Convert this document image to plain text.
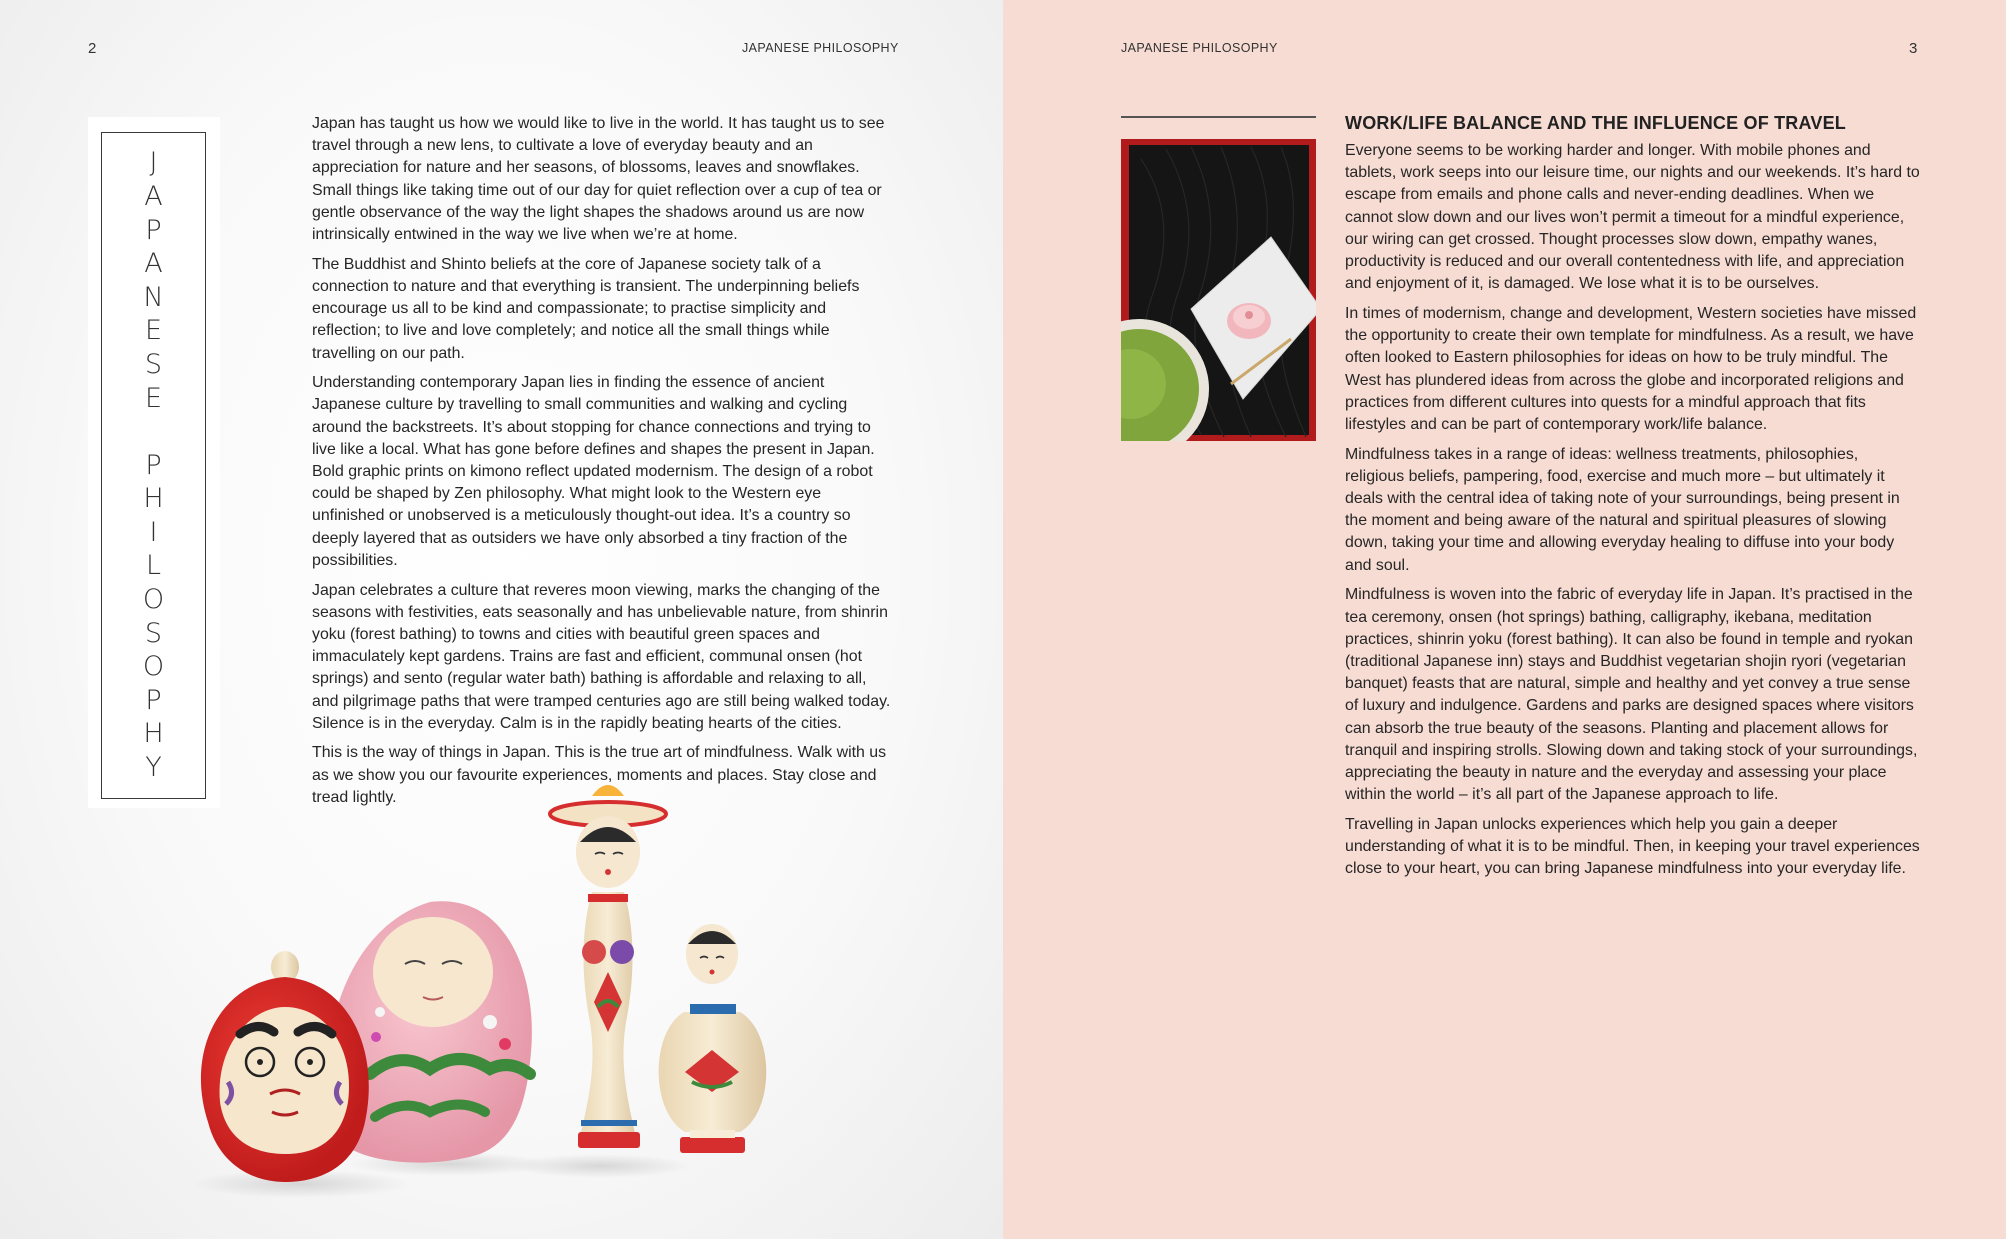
2	JAPANESE PHILOSOPHY
J
A
P
A
N
E
S
E

P
H
I
L
O
S
O
P
H
Y

Japan has taught us how we would like to live in the world. It has taught us to see travel through a new lens, to cultivate a love of everyday beauty and an appreciation for nature and her seasons, of blossoms, leaves and snowflakes. Small things like taking time out of our day for quiet reflection over a cup of tea or gentle observance of the way the light shapes the shadows around us are now intrinsically entwined in the way we live when we’re at home.

The Buddhist and Shinto beliefs at the core of Japanese society talk of a connection to nature and that everything is transient. The underpinning beliefs encourage us all to be kind and compassionate; to practise simplicity and reflection; to live and love completely; and notice all the small things while travelling on our path.

Understanding contemporary Japan lies in finding the essence of ancient Japanese culture by travelling to small communities and walking and cycling around the backstreets. It’s about stopping for chance connections and trying to live like a local. What has gone before defines and shapes the present in Japan. Bold graphic prints on kimono reflect updated modernism. The design of a robot could be shaped by Zen philosophy. What might look to the Western eye unfinished or unobserved is a meticulously thought-out idea. It’s a country so deeply layered that as outsiders we have only absorbed a tiny fraction of the possibilities.

Japan celebrates a culture that reveres moon viewing, marks the changing of the seasons with festivities, eats seasonally and has unbelievable nature, from shinrin yoku (forest bathing) to towns and cities with beautiful green spaces and immaculately kept gardens. Trains are fast and efficient, communal onsen (hot springs) and sento (regular water bath) bathing is affordable and relaxing to all, and pilgrimage paths that were tramped centuries ago are still being walked today. Silence is in the everyday. Calm is in the rapidly beating hearts of the cities.

This is the way of things in Japan. This is the true art of mindfulness. Walk with us as we show you our favourite experiences, moments and places. Stay close and tread lightly.

JAPANESE PHILOSOPHY	3
WORK/LIFE BALANCE AND THE INFLUENCE OF TRAVEL

Everyone seems to be working harder and longer. With mobile phones and tablets, work seeps into our leisure time, our nights and our weekends. It’s hard to escape from emails and phone calls and never-ending deadlines. When we cannot slow down and our lives won’t permit a timeout for a mindful experience, our wiring can get crossed. Thought processes slow down, empathy wanes, productivity is reduced and our overall contentedness with life, and appreciation and enjoyment of it, is damaged. We lose what it is to be ourselves.

In times of modernism, change and development, Western societies have missed the opportunity to create their own template for mindfulness. As a result, we have often looked to Eastern philosophies for ideas on how to be truly mindful. The West has plundered ideas from across the globe and incorporated religions and practices from different cultures into quests for a mindful approach that fits lifestyles and can be part of contemporary work/life balance.

Mindfulness takes in a range of ideas: wellness treatments, philosophies, religious beliefs, pampering, food, exercise and much more – but ultimately it deals with the central idea of taking note of your surroundings, being present in the moment and being aware of the natural and spiritual pleasures of slowing down, taking your time and allowing everyday healing to diffuse into your body and soul.

Mindfulness is woven into the fabric of everyday life in Japan. It’s practised in the tea ceremony, onsen (hot springs) bathing, calligraphy, ikebana, meditation practices, shinrin yoku (forest bathing). It can also be found in temple and ryokan (traditional Japanese inn) stays and Buddhist vegetarian shojin ryori (vegetarian banquet) feasts that are natural, simple and healthy and yet convey a true sense of luxury and indulgence. Gardens and parks are designed spaces where visitors can absorb the true beauty of the seasons. Planting and placement allows for tranquil and inspiring strolls. Slowing down and taking stock of your surroundings, appreciating the beauty in nature and the everyday and assessing your place within the world – it’s all part of the Japanese approach to life.

Travelling in Japan unlocks experiences which help you gain a deeper understanding of what it is to be mindful. Then, in keeping your travel experiences close to your heart, you can bring Japanese mindfulness into your everyday life.
